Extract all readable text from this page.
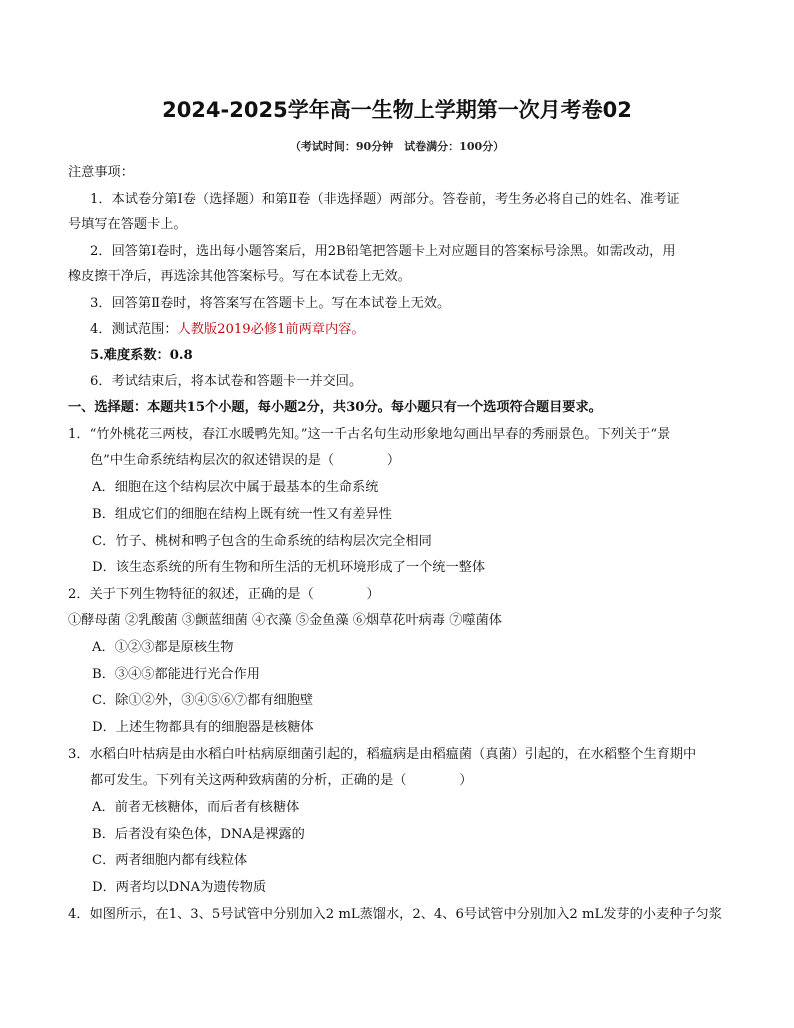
2024-2025学年高一生物上学期第一次月考卷02
（考试时间：90分钟　试卷满分：100分）
注意事项：
1．本试卷分第Ⅰ卷（选择题）和第Ⅱ卷（非选择题）两部分。答卷前，考生务必将自己的姓名、准考证
号填写在答题卡上。
2．回答第Ⅰ卷时，选出每小题答案后，用2B铅笔把答题卡上对应题目的答案标号涂黑。如需改动，用
橡皮擦干净后，再选涂其他答案标号。写在本试卷上无效。
3．回答第Ⅱ卷时，将答案写在答题卡上。写在本试卷上无效。
4．测试范围：人教版2019必修1前两章内容。
5.难度系数：0.8
6．考试结束后，将本试卷和答题卡一并交回。
一、选择题：本题共15个小题，每小题2分，共30分。每小题只有一个选项符合题目要求。
1．“竹外桃花三两枝，春江水暖鸭先知。”这一千古名句生动形象地勾画出早春的秀丽景色。下列关于“景
色”中生命系统结构层次的叙述错误的是（　　　　）
A．细胞在这个结构层次中属于最基本的生命系统
B．组成它们的细胞在结构上既有统一性又有差异性
C．竹子、桃树和鸭子包含的生命系统的结构层次完全相同
D．该生态系统的所有生物和所生活的无机环境形成了一个统一整体
2．关于下列生物特征的叙述，正确的是（　　　　）
①酵母菌 ②乳酸菌 ③颤蓝细菌 ④衣藻 ⑤金鱼藻 ⑥烟草花叶病毒 ⑦噬菌体
A．①②③都是原核生物
B．③④⑤都能进行光合作用
C．除①②外，③④⑤⑥⑦都有细胞壁
D．上述生物都具有的细胞器是核糖体
3．水稻白叶枯病是由水稻白叶枯病原细菌引起的，稻瘟病是由稻瘟菌（真菌）引起的，在水稻整个生育期中
都可发生。下列有关这两种致病菌的分析，正确的是（　　　　）
A．前者无核糖体，而后者有核糖体
B．后者没有染色体，DNA是裸露的
C．两者细胞内都有线粒体
D．两者均以DNA为遗传物质
4．如图所示，在1、3、5号试管中分别加入2 mL蒸馏水，2、4、6号试管中分别加入2 mL发芽的小麦种子匀浆
